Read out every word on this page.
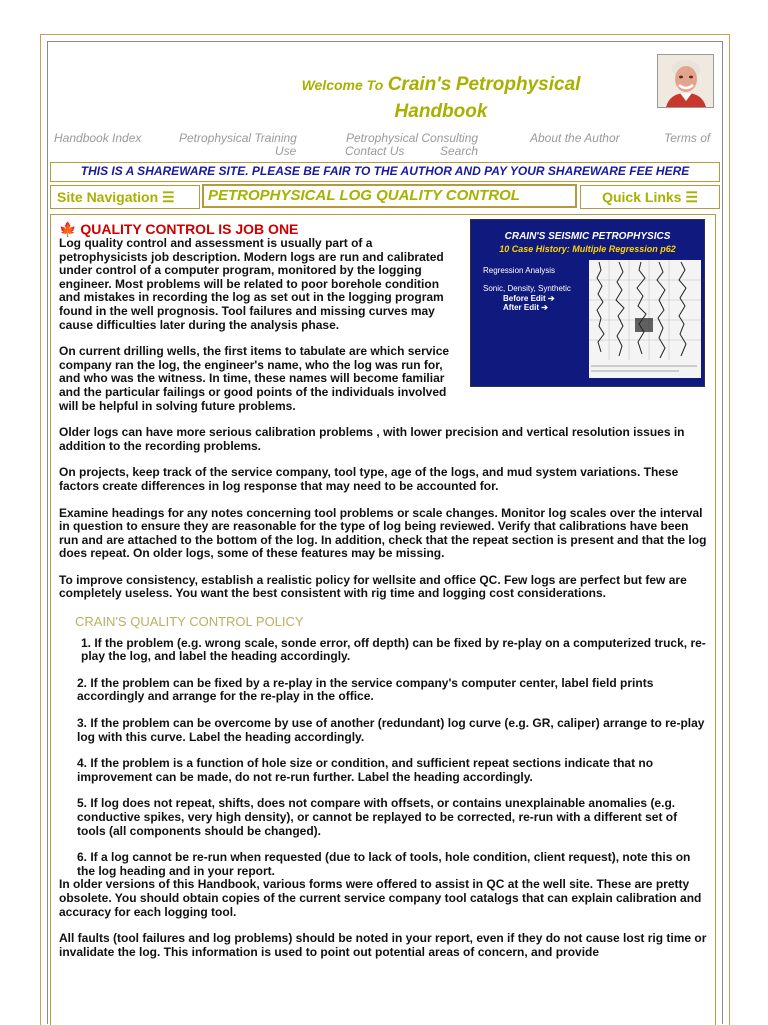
Welcome To Crain's Petrophysical
Handbook
Handbook Index	Petrophysical Training	Petrophysical Consulting	About the Author	Terms of
Use	Contact Us	Search
THIS IS A SHAREWARE SITE. PLEASE BE FAIR TO THE AUTHOR AND PAY YOUR SHAREWARE FEE HERE
Site Navigation ☰	PETROPHYSICAL LOG QUALITY CONTROL	Quick Links ☰
CRAIN'S SEISMIC PETROPHYSICS
10 Case History: Multiple Regression p62
Regression Analysis
Sonic, Density, Synthetic
Before Edit ➔
After Edit ➔
🍁 QUALITY CONTROL IS JOB ONE

Log quality control and assessment is usually part of a petrophysicists job description. Modern logs are run and calibrated under control of a computer program, monitored by the logging engineer. Most problems will be related to poor borehole condition and mistakes in recording the log as set out in the logging program found in the well prognosis. Tool failures and missing curves may cause difficulties later during the analysis phase.

On current drilling wells, the first items to tabulate are which service company ran the log, the engineer's name, who the log was run for, and who was the witness. In time, these names will become familiar and the particular failings or good points of the individuals involved will be helpful in solving future problems.

Older logs can have more serious calibration problems , with lower precision and vertical resolution issues in addition to the recording problems.

On projects, keep track of the service company, tool type, age of the logs, and mud system variations. These factors create differences in log response that may need to be accounted for.

Examine headings for any notes concerning tool problems or scale changes. Monitor log scales over the interval in question to ensure they are reasonable for the type of log being reviewed. Verify that calibrations have been run and are attached to the bottom of the log. In addition, check that the repeat section is present and that the log does repeat. On older logs, some of these features may be missing.

To improve consistency, establish a realistic policy for wellsite and office QC. Few logs are perfect but few are completely useless. You want the best consistent with rig time and logging cost considerations.

CRAIN'S QUALITY CONTROL POLICY
1. If the problem (e.g. wrong scale, sonde error, off depth) can be fixed by re-play on a computerized truck, re-play the log, and label the heading accordingly.
2. If the problem can be fixed by a re-play in the service company's computer center, label field prints accordingly and arrange for the re-play in the office.
3. If the problem can be overcome by use of another (redundant) log curve (e.g. GR, caliper) arrange to re-play log with this curve. Label the heading accordingly.
4. If the problem is a function of hole size or condition, and sufficient repeat sections indicate that no improvement can be made, do not re-run further. Label the heading accordingly.
5. If log does not repeat, shifts, does not compare with offsets, or contains unexplainable anomalies (e.g. conductive spikes, very high density), or cannot be replayed to be corrected, re-run with a different set of tools (all components should be changed).
6. If a log cannot be re-run when requested (due to lack of tools, hole condition, client request), note this on the log heading and in your report.

In older versions of this Handbook, various forms were offered to assist in QC at the well site. These are pretty obsolete. You should obtain copies of the current service company tool catalogs that can explain calibration and accuracy for each logging tool.

All faults (tool failures and log problems) should be noted in your report, even if they do not cause lost rig time or invalidate the log. This information is used to point out potential areas of concern, and provide
